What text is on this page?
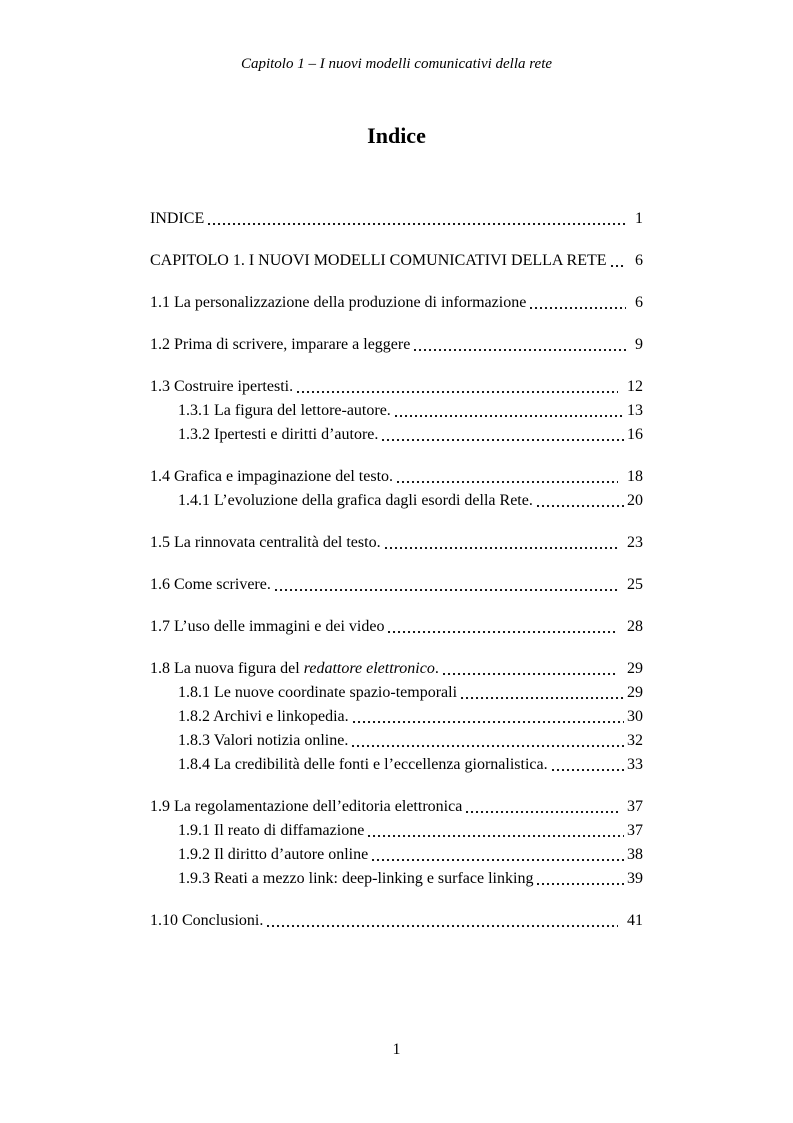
Capitolo 1 – I nuovi modelli comunicativi della rete
Indice
INDICE	1
CAPITOLO 1. I NUOVI MODELLI COMUNICATIVI DELLA RETE	6
1.1 La personalizzazione della produzione di informazione	6
1.2 Prima di scrivere, imparare a leggere	9
1.3 Costruire ipertesti.	12
1.3.1 La figura del lettore-autore.	13
1.3.2 Ipertesti e diritti d’autore.	16
1.4 Grafica e impaginazione del testo.	18
1.4.1 L’evoluzione della grafica dagli esordi della Rete.	20
1.5 La rinnovata centralità del testo.	23
1.6 Come scrivere.	25
1.7 L’uso delle immagini e dei video	28
1.8 La nuova figura del redattore elettronico.	29
1.8.1 Le nuove coordinate spazio-temporali	29
1.8.2 Archivi e linkopedia.	30
1.8.3 Valori notizia online.	32
1.8.4 La credibilità delle fonti e l’eccellenza giornalistica.	33
1.9 La regolamentazione dell’editoria elettronica	37
1.9.1 Il reato di diffamazione	37
1.9.2 Il diritto d’autore online	38
1.9.3 Reati a mezzo link: deep-linking e surface linking	39
1.10 Conclusioni.	41
1
